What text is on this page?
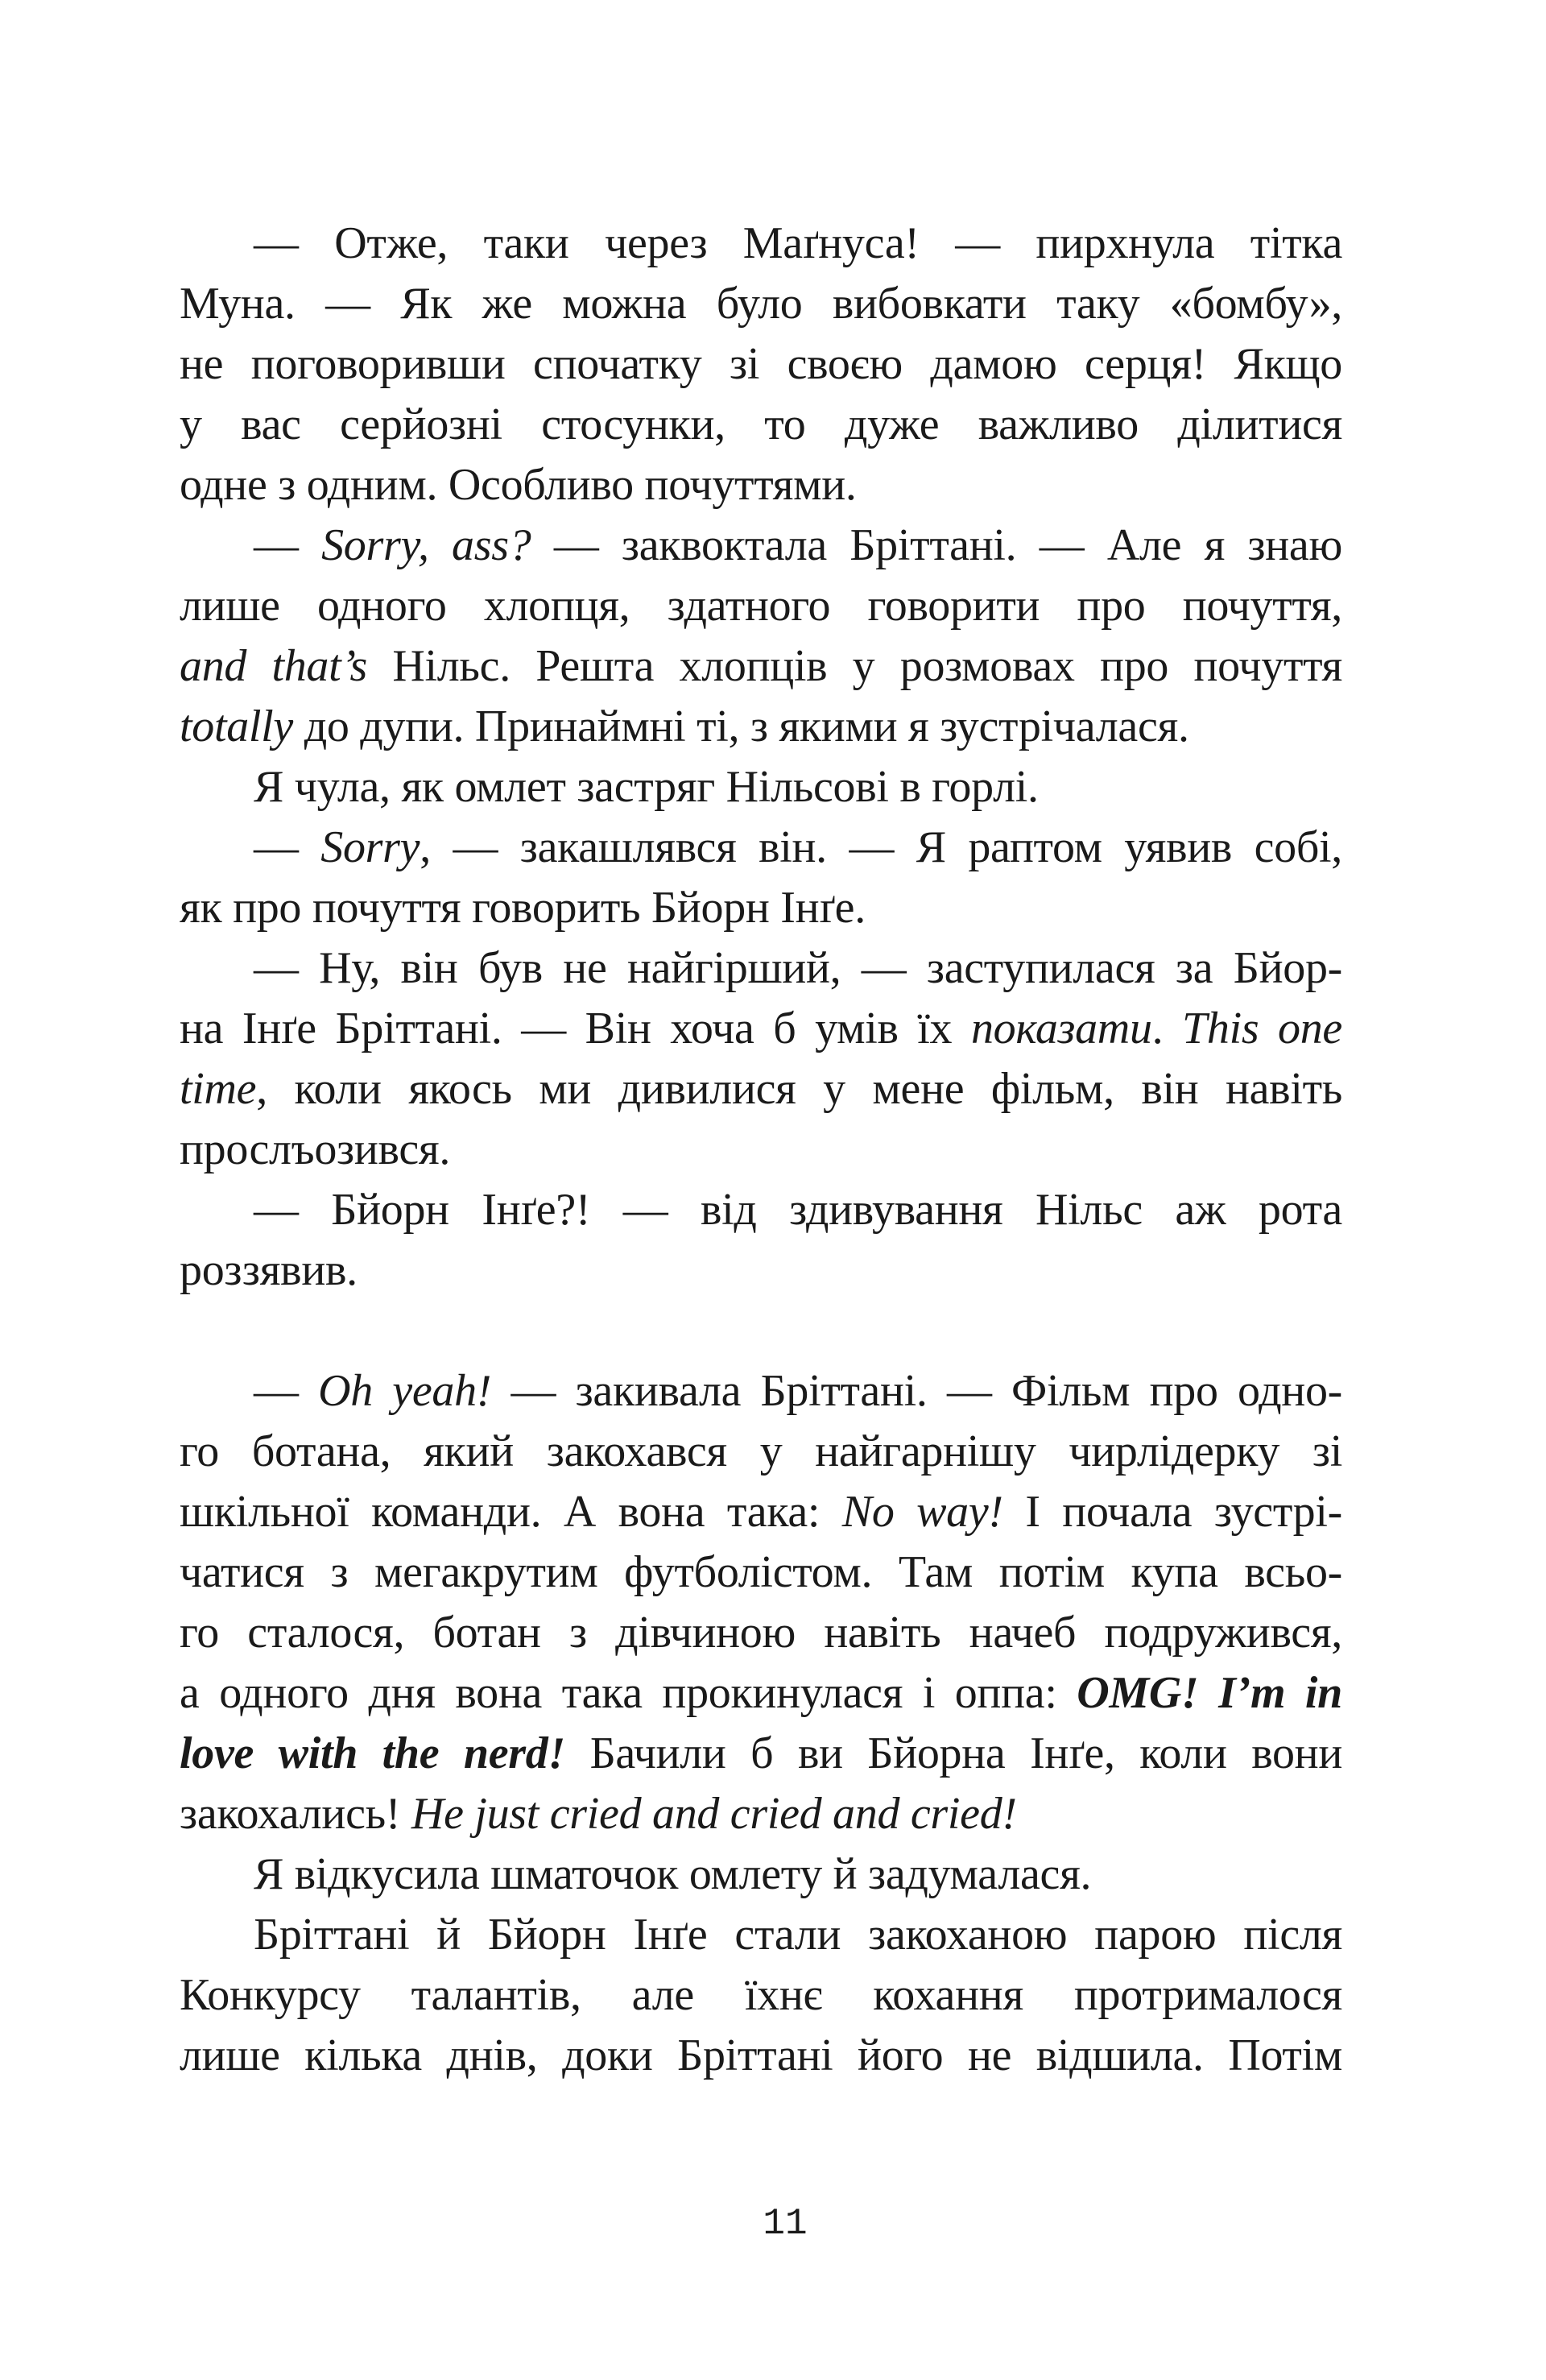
— Отже, таки через Маґнуса! — пирхнула тітка
Муна. — Як же можна було вибовкати таку «бомбу»,
не поговоривши спочатку зі своєю дамою серця! Якщо
у вас серйозні стосунки, то дуже важливо ділитися
одне з одним. Особливо почуттями.
— Sorry, ass? — заквоктала Бріттані. — Але я знаю
лише одного хлопця, здатного говорити про почуття,
and that’s Нільс. Решта хлопців у розмовах про почуття
totally до дупи. Принаймні ті, з якими я зустрічалася.
Я чула, як омлет застряг Нільсові в горлі.
— Sorry, — закашлявся він. — Я раптом уявив собі,
як про почуття говорить Бйорн Інґе.
— Ну, він був не найгірший, — заступилася за Бйор-
на Інґе Бріттані. — Він хоча б умів їх показати. This one
time, коли якось ми дивилися у мене фільм, він навіть
прослъозився.
— Бйорн Інґе?! — від здивування Нільс аж рота
роззявив.
— Oh yeah! — закивала Бріттані. — Фільм про одно-
го ботана, який закохався у найгарнішу чирлідерку зі
шкільної команди. А вона така: No way! І почала зустрі-
чатися з мегакрутим футболістом. Там потім купа всьо-
го сталося, ботан з дівчиною навіть начеб подружився,
а одного дня вона така прокинулася і оппа: OMG! I’m in
love with the nerd! Бачили б ви Бйорна Інґе, коли вони
закохались! He just cried and cried and cried!
Я відкусила шматочок омлету й задумалася.
Бріттані й Бйорн Інґе стали закоханою парою після
Конкурсу талантів, але їхнє кохання протрималося
лише кілька днів, доки Бріттані його не відшила. Потім
11
